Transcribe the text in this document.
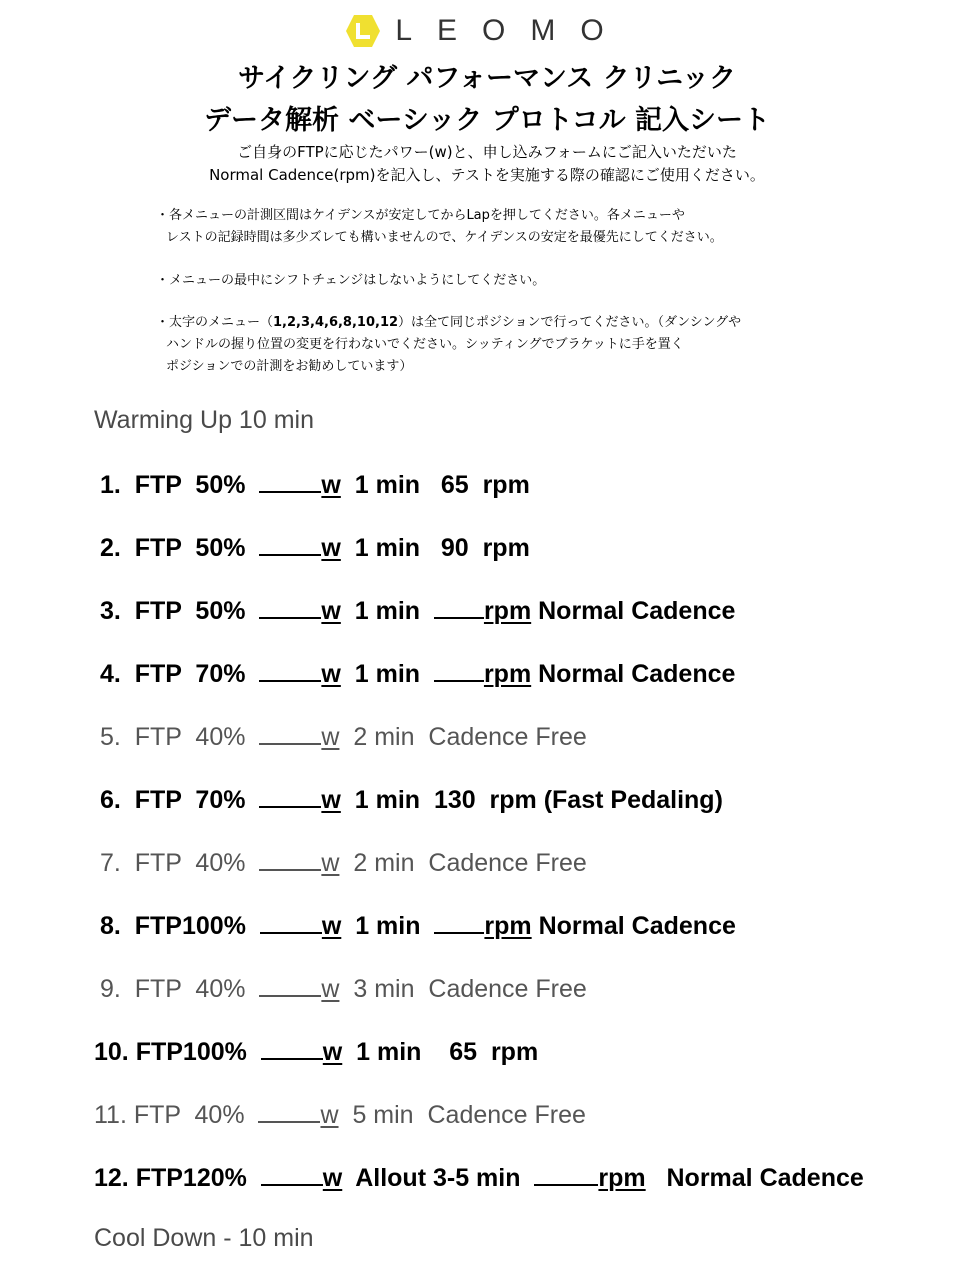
LEOMO
サイクリング パフォーマンス クリニック
データ解析 ベーシック プロトコル 記入シート
ご自身のFTPに応じたパワー(w)と、申し込みフォームにご記入いただいた
Normal Cadence(rpm)を記入し、テストを実施する際の確認にご使用ください。
・各メニューの計測区間はケイデンスが安定してからLapを押してください。各メニューや
レストの記録時間は多少ズレても構いませんので、ケイデンスの安定を最優先にしてください。
・メニューの最中にシフトチェンジはしないようにしてください。
・太字のメニュー（1,2,3,4,6,8,10,12）は全て同じポジションで行ってください。（ダンシングや
ハンドルの握り位置の変更を行わないでください。シッティングでブラケットに手を置く
ポジションでの計測をお勧めしています）
Warming Up 10 min
1. FTP  50%	w 1 min 65  rpm
2. FTP  50%	w 1 min 90  rpm
3. FTP  50%	w 1 min	rpm Normal Cadence
4. FTP  70%	w 1 min	rpm Normal Cadence
5. FTP  40%	w 2 min Cadence Free
6. FTP  70%	w 1 min 130  rpm (Fast Pedaling)
7. FTP  40%	w 2 min Cadence Free
8. FTP100%	w 1 min	rpm Normal Cadence
9. FTP  40%	w 3 min Cadence Free
10. FTP100%	w 1 min 65  rpm
11. FTP  40%	w 5 min Cadence Free
12. FTP120%	w Allout 3-5 min	rpm Normal Cadence
Cool Down - 10 min
